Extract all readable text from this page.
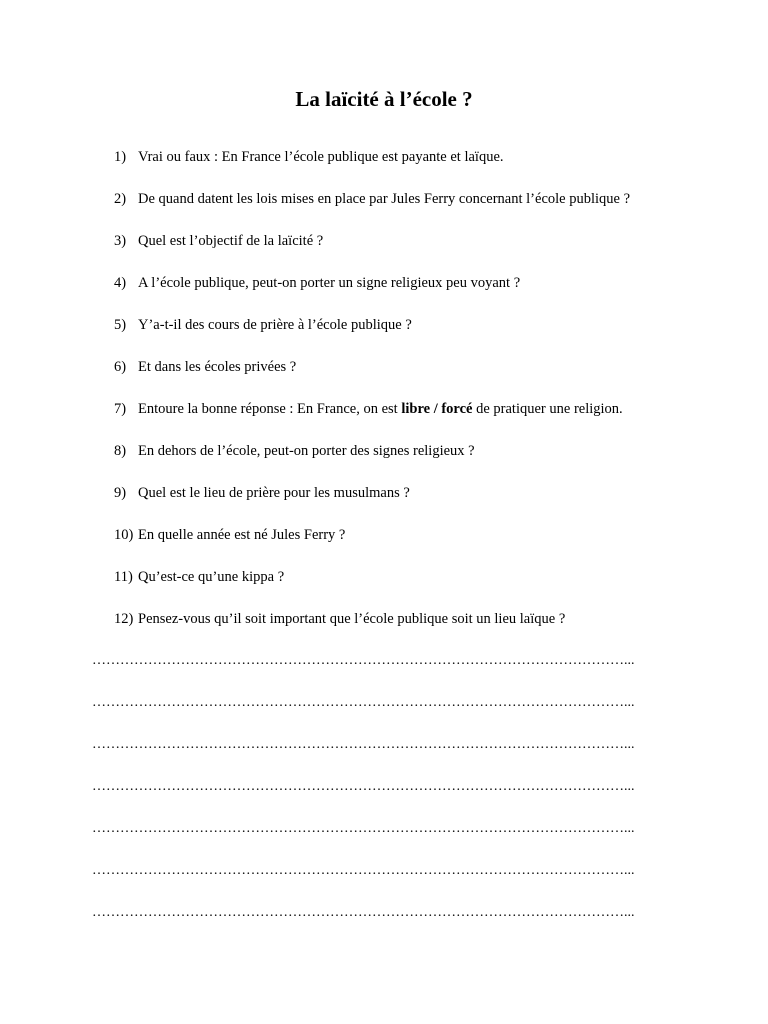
La laïcité à l’école ?
1) Vrai ou faux : En France l’école publique est payante et laïque.
2) De quand datent les lois mises en place par Jules Ferry concernant l’école publique ?
3) Quel est l’objectif de la laïcité ?
4) A l’école publique, peut-on porter un signe religieux peu voyant ?
5) Y’a-t-il des cours de prière à l’école publique ?
6) Et dans les écoles privées ?
7) Entoure la bonne réponse : En France, on est libre / forcé de pratiquer une religion.
8) En dehors de l’école, peut-on porter des signes religieux ?
9) Quel est le lieu de prière pour les musulmans ?
10) En quelle année est né Jules Ferry ?
11) Qu’est-ce qu’une kippa ?
12) Pensez-vous qu’il soit important que l’école publique soit un lieu laïque ?
……………………………………………………………………………………………………...
……………………………………………………………………………………………………...
……………………………………………………………………………………………………...
……………………………………………………………………………………………………...
……………………………………………………………………………………………………...
……………………………………………………………………………………………………...
……………………………………………………………………………………………………...
